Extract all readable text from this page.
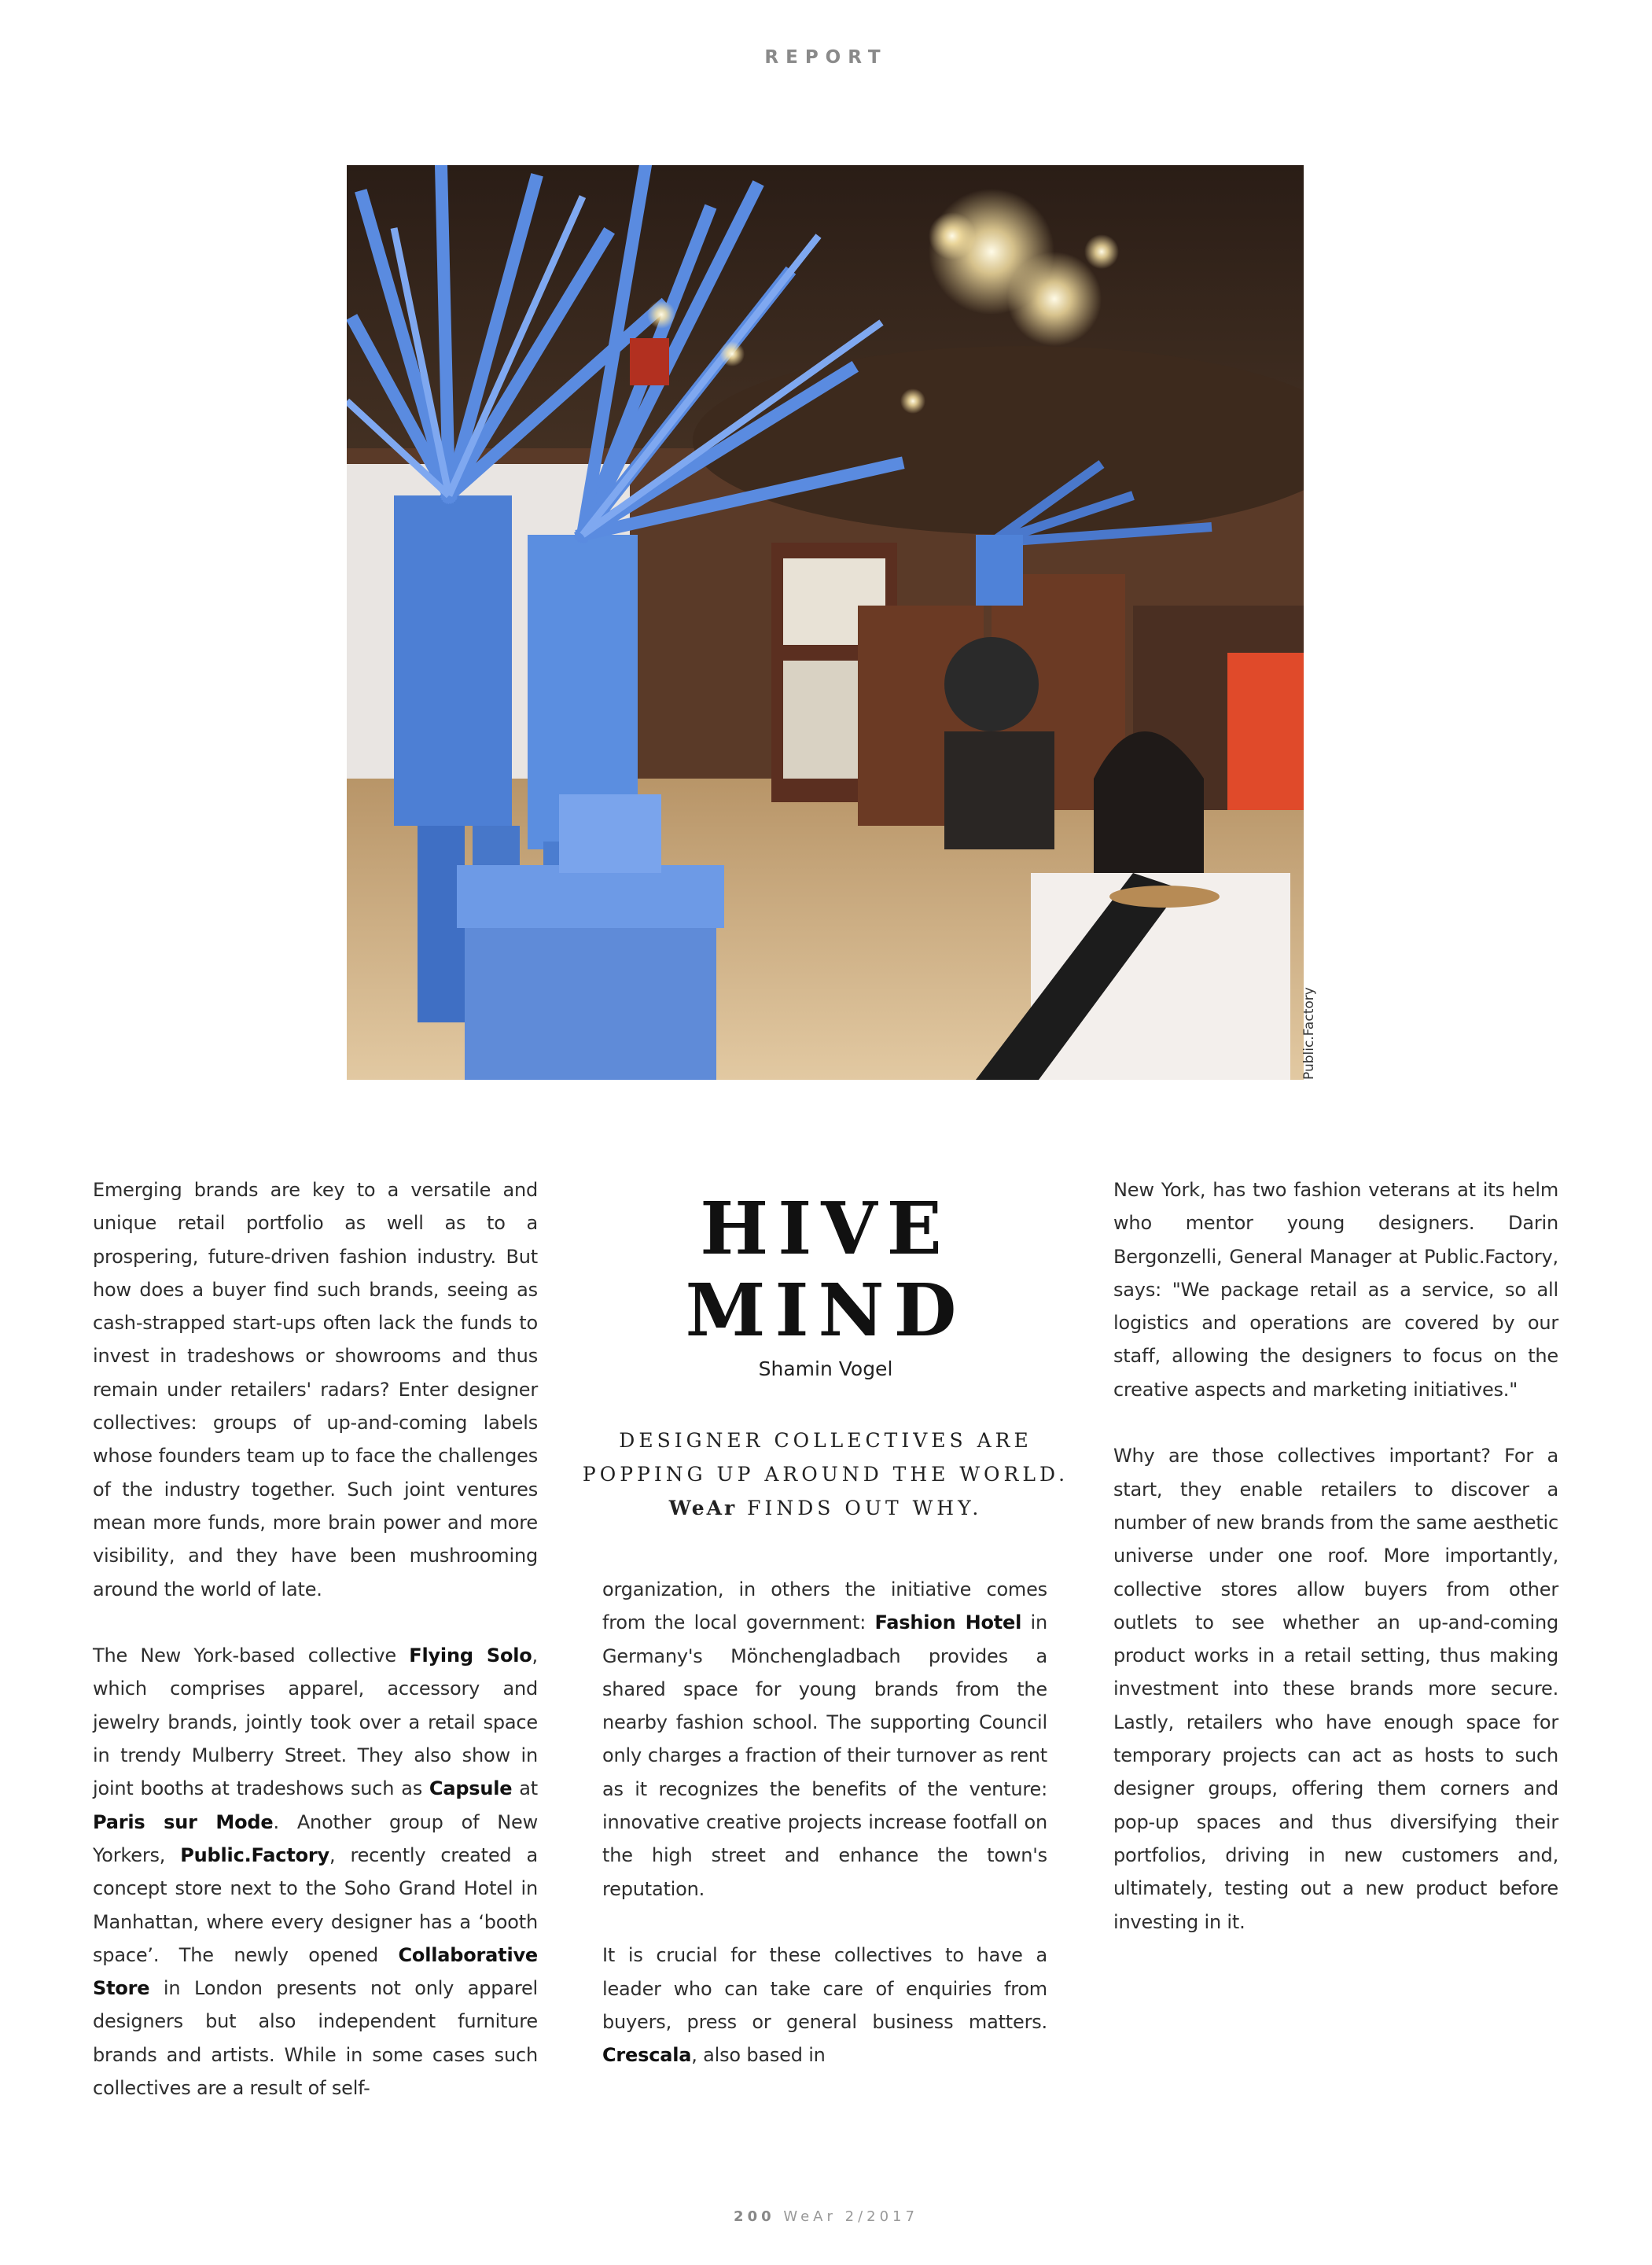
REPORT
Public.Factory

Emerging brands are key to a versatile and unique retail portfolio as well as to a prospering, future-driven fashion industry. But how does a buyer find such brands, seeing as cash-strapped start-ups often lack the funds to invest in tradeshows or showrooms and thus remain under retailers' radars? Enter designer collectives: groups of up-and-coming labels whose founders team up to face the challenges of the industry together. Such joint ventures mean more funds, more brain power and more visibility, and they have been mushrooming around the world of late.

The New York-based collective Flying Solo, which comprises apparel, accessory and jewelry brands, jointly took over a retail space in trendy Mulberry Street. They also show in joint booths at tradeshows such as Capsule at Paris sur Mode. Another group of New Yorkers, Public.Factory, recently created a concept store next to the Soho Grand Hotel in Manhattan, where every designer has a ‘booth space’. The newly opened Collaborative Store in London presents not only apparel designers but also independent furniture brands and artists. While in some cases such collectives are a result of self-

HIVE
MIND
Shamin Vogel
DESIGNER COLLECTIVES ARE
POPPING UP AROUND THE WORLD.
WeAr FINDS OUT WHY.

organization, in others the initiative comes from the local government: Fashion Hotel in Germany's Mönchengladbach provides a shared space for young brands from the nearby fashion school. The supporting Council only charges a fraction of their turnover as rent as it recognizes the benefits of the venture: innovative creative projects increase footfall on the high street and enhance the town's reputation.

It is crucial for these collectives to have a leader who can take care of enquiries from buyers, press or general business matters. Crescala, also based in

New York, has two fashion veterans at its helm who mentor young designers. Darin Bergonzelli, General Manager at Public.Factory, says: "We package retail as a service, so all logistics and operations are covered by our staff, allowing the designers to focus on the creative aspects and marketing initiatives."

Why are those collectives important? For a start, they enable retailers to discover a number of new brands from the same aesthetic universe under one roof. More importantly, collective stores allow buyers from other outlets to see whether an up-and-coming product works in a retail setting, thus making investment into these brands more secure. Lastly, retailers who have enough space for temporary projects can act as hosts to such designer groups, offering them corners and pop-up spaces and thus diversifying their portfolios, driving in new customers and, ultimately, testing out a new product before investing in it.

200 WeAr 2/2017
